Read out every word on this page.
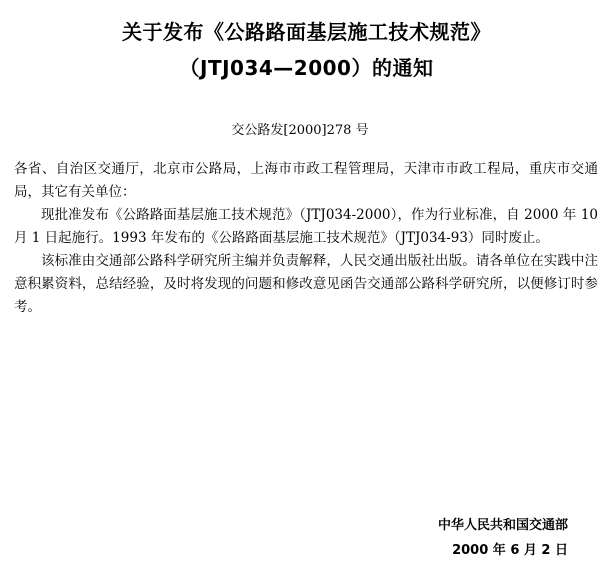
关于发布《公路路面基层施工技术规范》
（JTJ034—2000）的通知
交公路发[2000]278 号

各省、自治区交通厅，北京市公路局，上海市市政工程管理局，天津市市政工程局，重庆市交通局，其它有关单位：

现批准发布《公路路面基层施工技术规范》（JTJ034-2000），作为行业标准，自 2000 年 10 月 1 日起施行。1993 年发布的《公路路面基层施工技术规范》（JTJ034-93）同时废止。

该标准由交通部公路科学研究所主编并负责解释，人民交通出版社出版。请各单位在实践中注意积累资料，总结经验，及时将发现的问题和修改意见函告交通部公路科学研究所，以便修订时参考。

中华人民共和国交通部
2000 年 6 月 2 日
